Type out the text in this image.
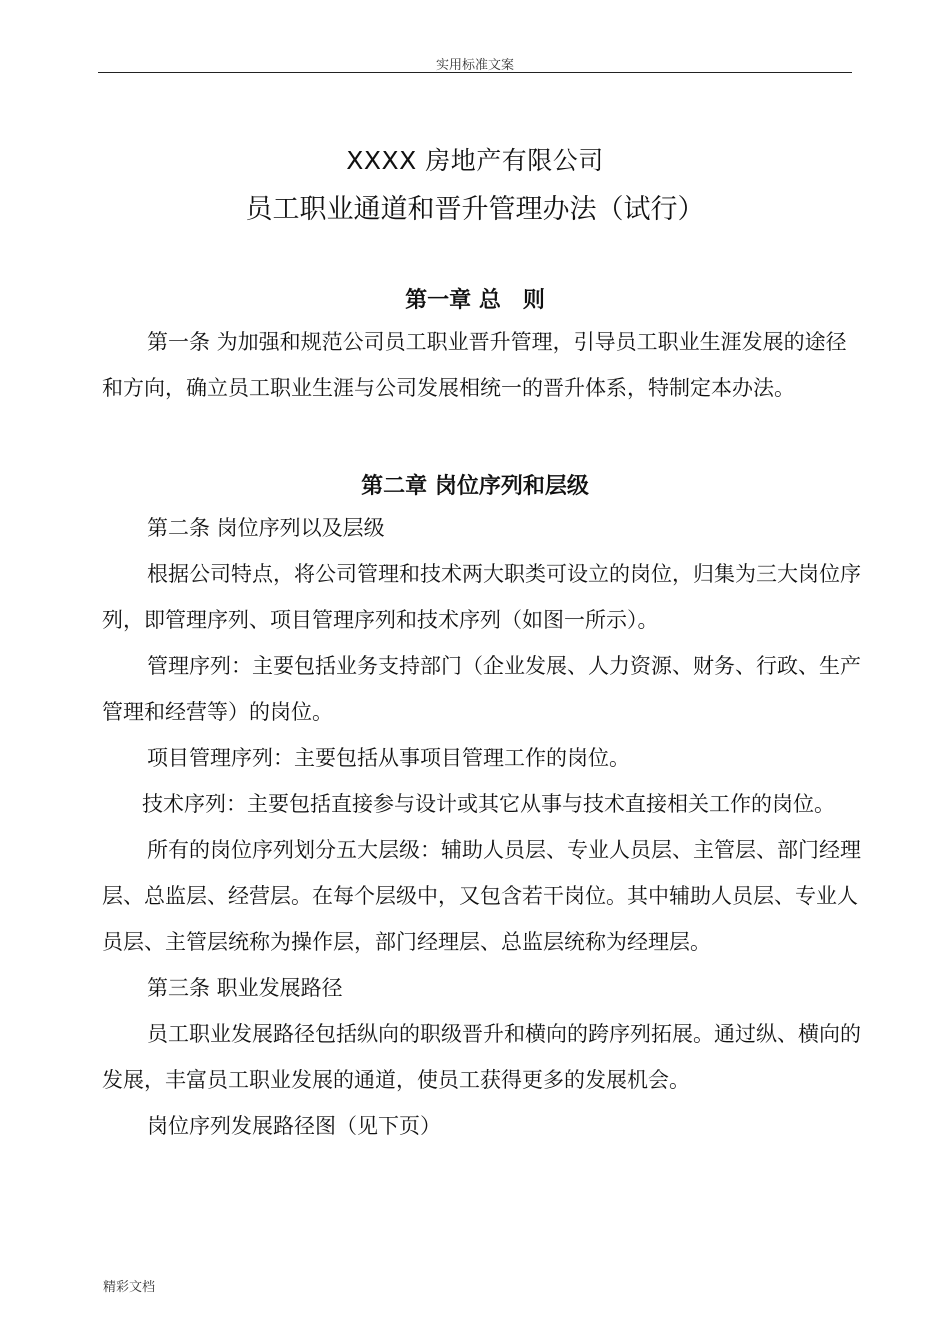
实用标准文案
XXXX 房地产有限公司
员工职业通道和晋升管理办法（试行）
第一章 总　则

第一条 为加强和规范公司员工职业晋升管理，引导员工职业生涯发展的途径和方向，确立员工职业生涯与公司发展相统一的晋升体系，特制定本办法。

第二章 岗位序列和层级

第二条 岗位序列以及层级

根据公司特点，将公司管理和技术两大职类可设立的岗位，归集为三大岗位序列，即管理序列、项目管理序列和技术序列（如图一所示）。

管理序列：主要包括业务支持部门（企业发展、人力资源、财务、行政、生产管理和经营等）的岗位。

项目管理序列：主要包括从事项目管理工作的岗位。

技术序列：主要包括直接参与设计或其它从事与技术直接相关工作的岗位。

所有的岗位序列划分五大层级：辅助人员层、专业人员层、主管层、部门经理层、总监层、经营层。在每个层级中，又包含若干岗位。其中辅助人员层、专业人员层、主管层统称为操作层，部门经理层、总监层统称为经理层。

第三条 职业发展路径

员工职业发展路径包括纵向的职级晋升和横向的跨序列拓展。通过纵、横向的发展，丰富员工职业发展的通道，使员工获得更多的发展机会。

岗位序列发展路径图（见下页）

精彩文档
